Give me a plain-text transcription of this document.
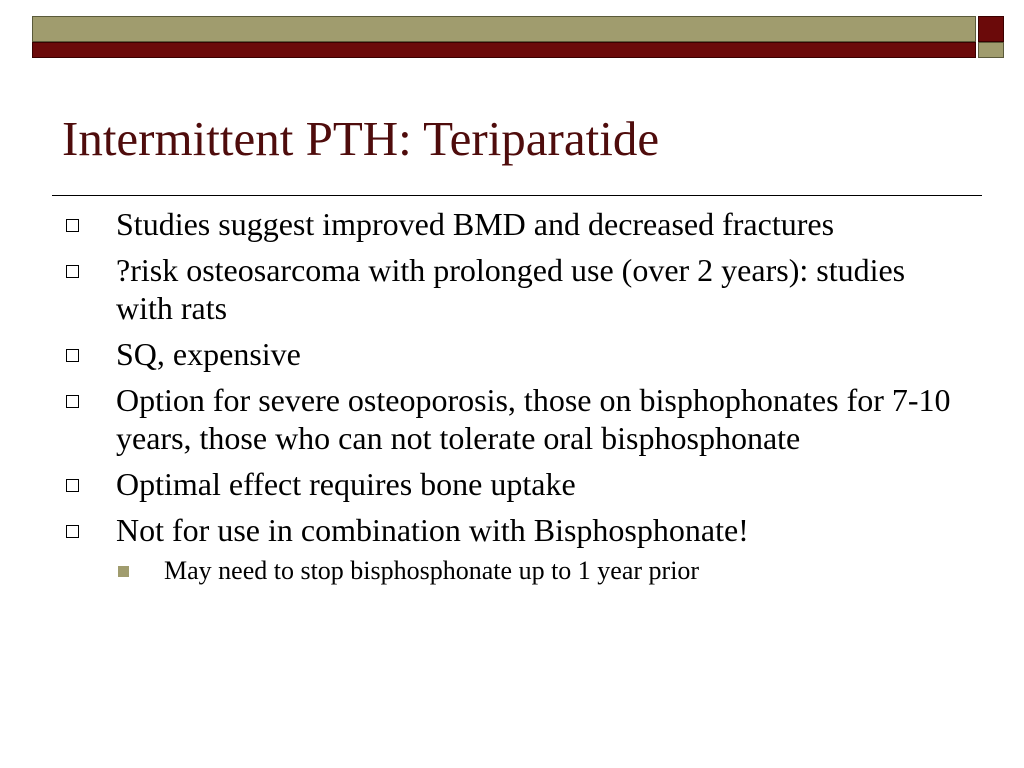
Intermittent PTH: Teriparatide
Studies suggest improved BMD and decreased fractures
?risk osteosarcoma with prolonged use (over 2 years): studies with rats
SQ, expensive
Option for severe osteoporosis, those on bisphophonates for 7-10 years, those who can not tolerate oral bisphosphonate
Optimal effect requires bone uptake
Not for use in combination with Bisphosphonate!
May need to stop bisphosphonate up to 1 year prior
